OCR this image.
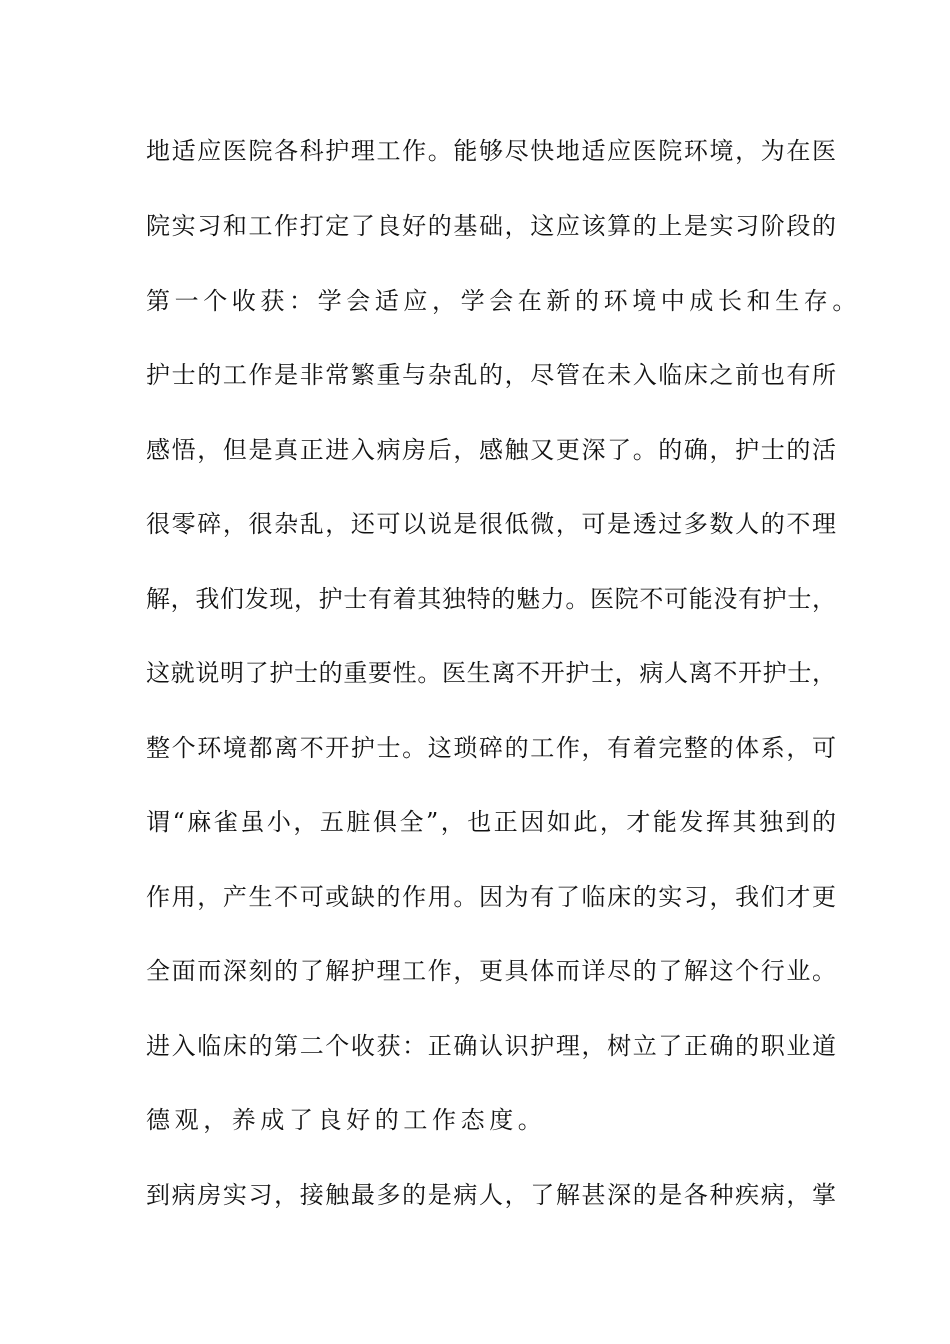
地适应医院各科护理工作。能够尽快地适应医院环境，为在医
院实习和工作打定了良好的基础，这应该算的上是实习阶段的
第一个收获：学会适应，学会在新的环境中成长和生存。
护士的工作是非常繁重与杂乱的，尽管在未入临床之前也有所
感悟，但是真正进入病房后，感触又更深了。的确，护士的活
很零碎，很杂乱，还可以说是很低微，可是透过多数人的不理
解，我们发现，护士有着其独特的魅力。医院不可能没有护士，
这就说明了护士的重要性。医生离不开护士，病人离不开护士，
整个环境都离不开护士。这琐碎的工作，有着完整的体系，可
谓“麻雀虽小，五脏俱全”，也正因如此，才能发挥其独到的
作用，产生不可或缺的作用。因为有了临床的实习，我们才更
全面而深刻的了解护理工作，更具体而详尽的了解这个行业。
进入临床的第二个收获：正确认识护理，树立了正确的职业道
德观，养成了良好的工作态度。
到病房实习，接触最多的是病人，了解甚深的是各种疾病，掌
